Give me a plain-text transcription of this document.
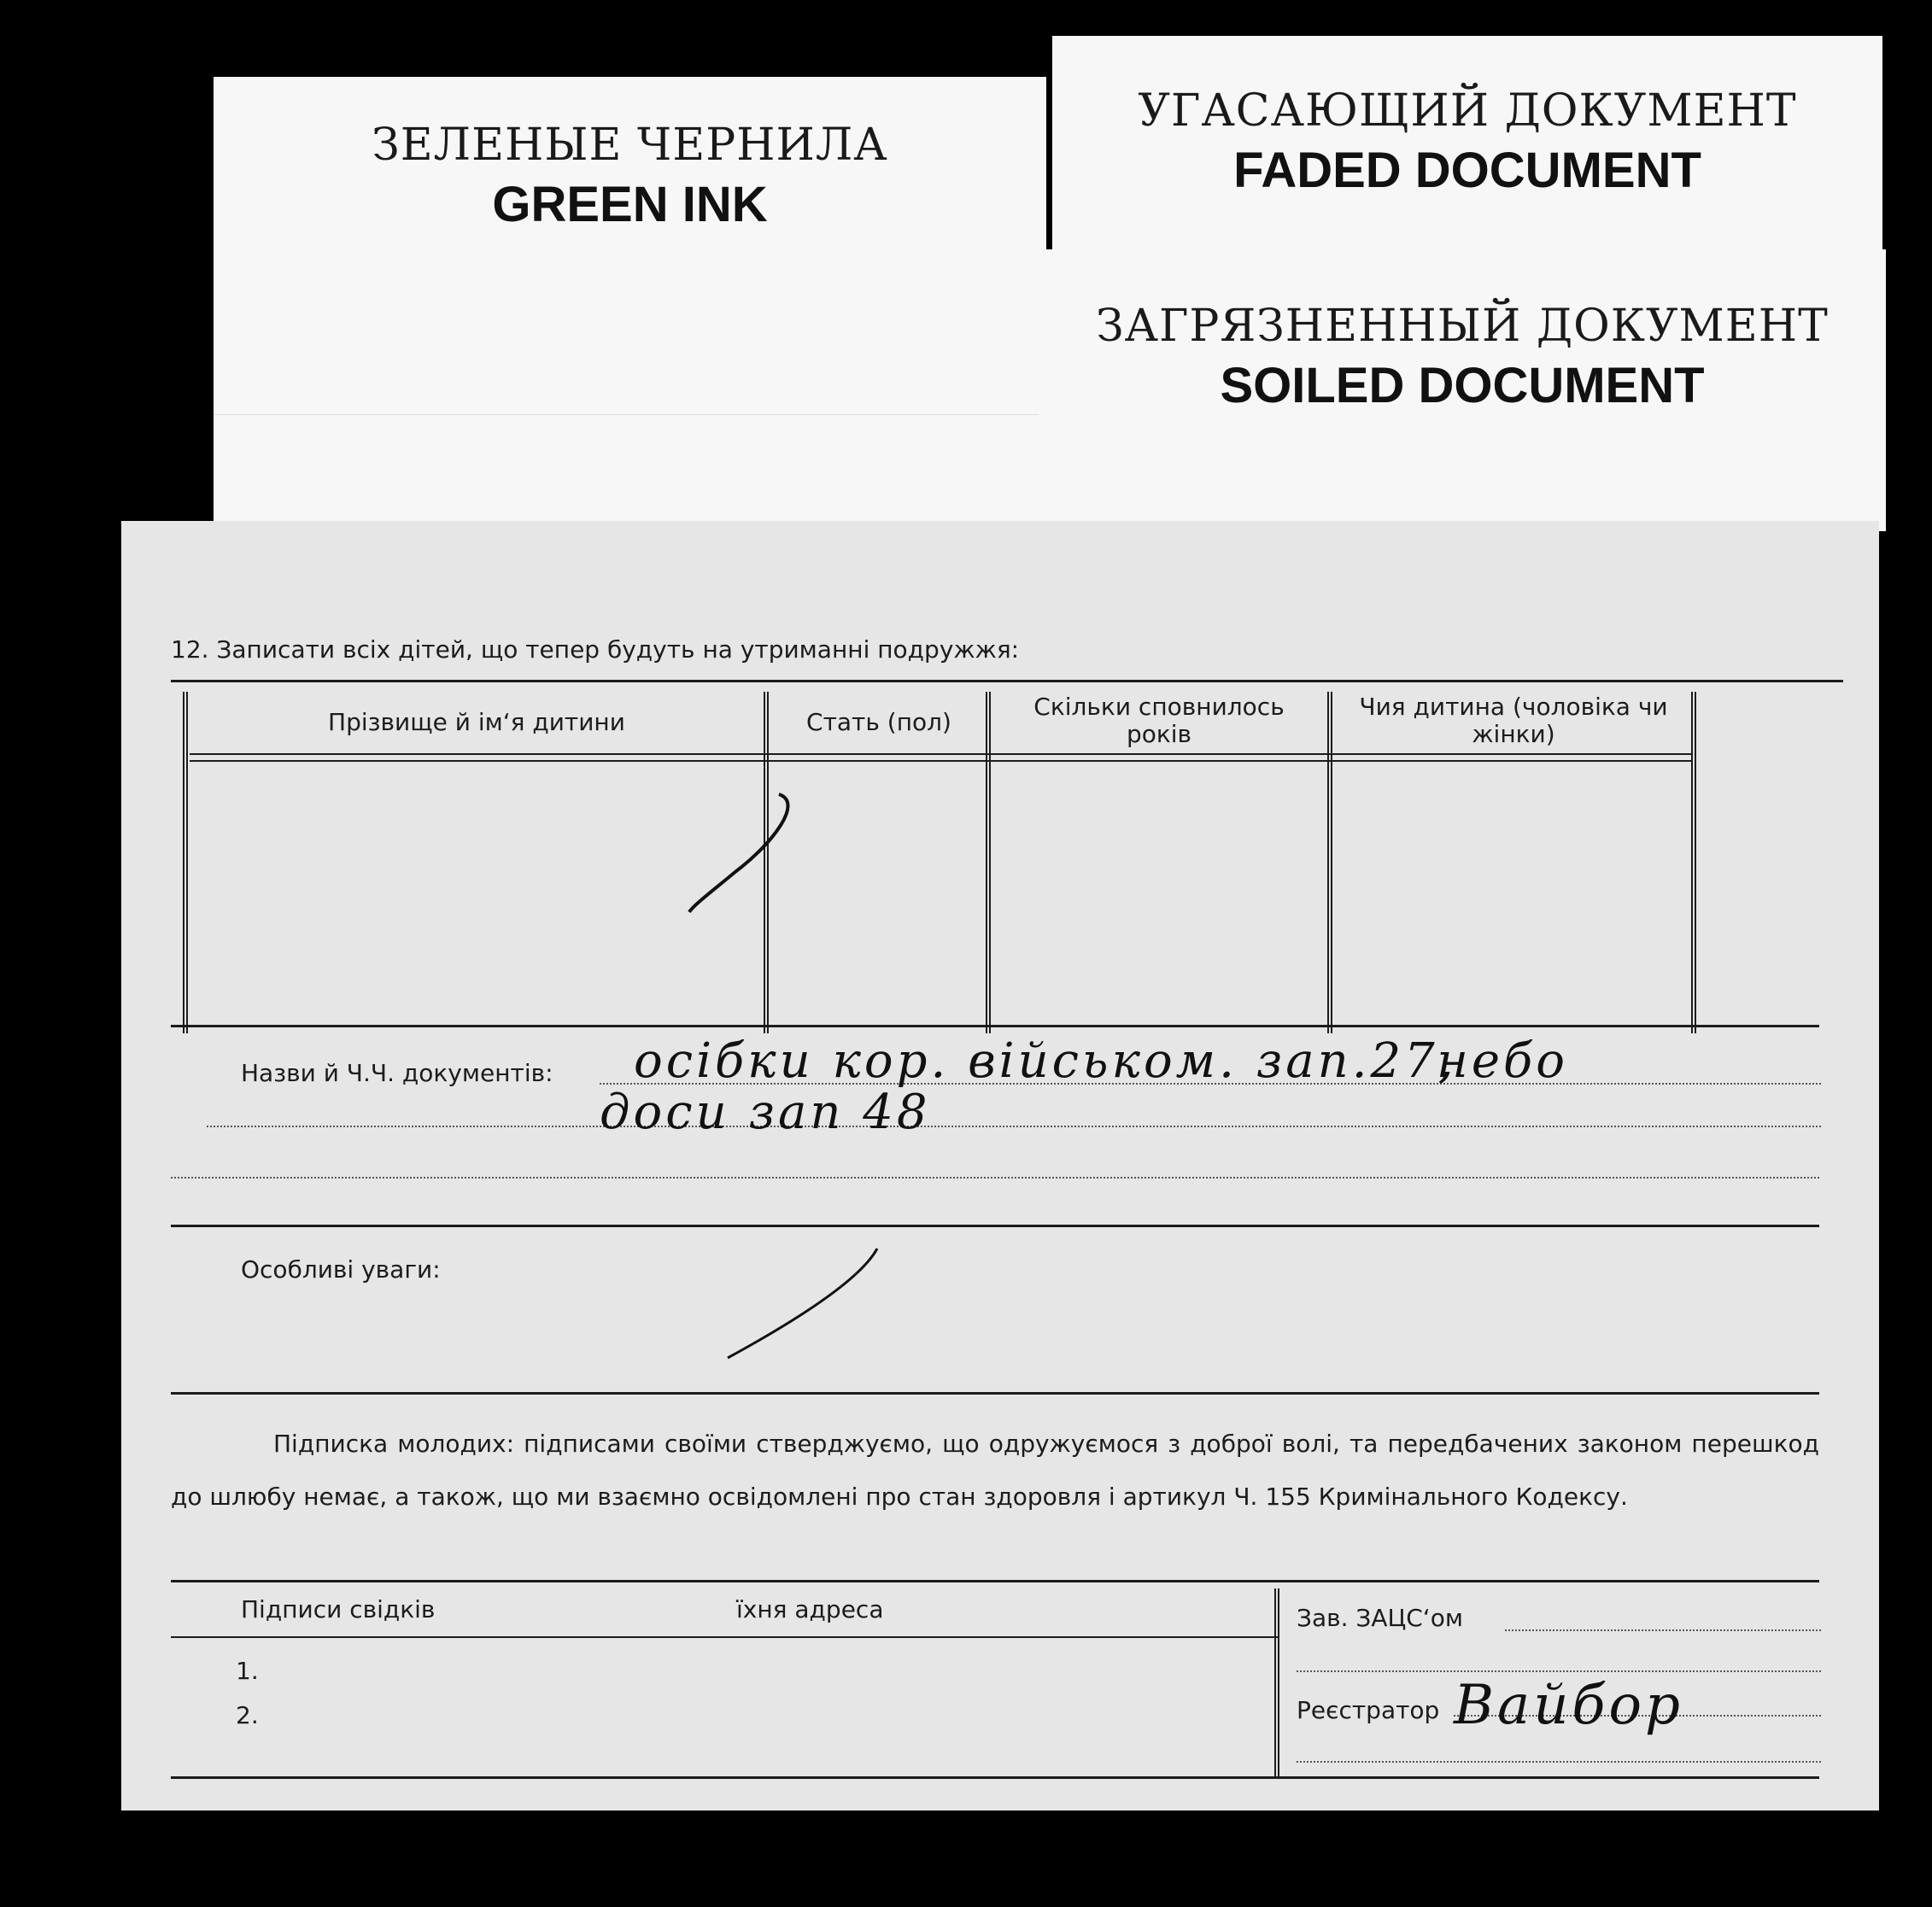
ЗЕЛЕНЫЕ ЧЕРНИЛА
GREEN INK
УГАСАЮЩИЙ ДОКУМЕНТ
FADED DOCUMENT
ЗАГРЯЗНЕННЫЙ ДОКУМЕНТ
SOILED DOCUMENT
12. Записати всіх дітей, що тепер будуть на утриманні подружжя:
Прізвище й ім‘я дитини	Стать (пол)
Скільки сповнилось років
Чия дитина (чоловіка чи жінки)
Назви й Ч.Ч. документів: осібки кор. військом. зап.27,
небо
доси зап 48
Особливі уваги:
Підписка молодих: підписами своїми стверджуємо, що одружуємося з доброї волі, та передбачених законом перешкод до шлюбу немає, а також, що ми взаємно освідомлені про стан здоровля і артикул Ч. 155 Кримінального Кодексу.
Підписи свідків	їхня адреса
1.
2.
Зав. ЗАЦС‘ом
Реєстратор Вайбор
